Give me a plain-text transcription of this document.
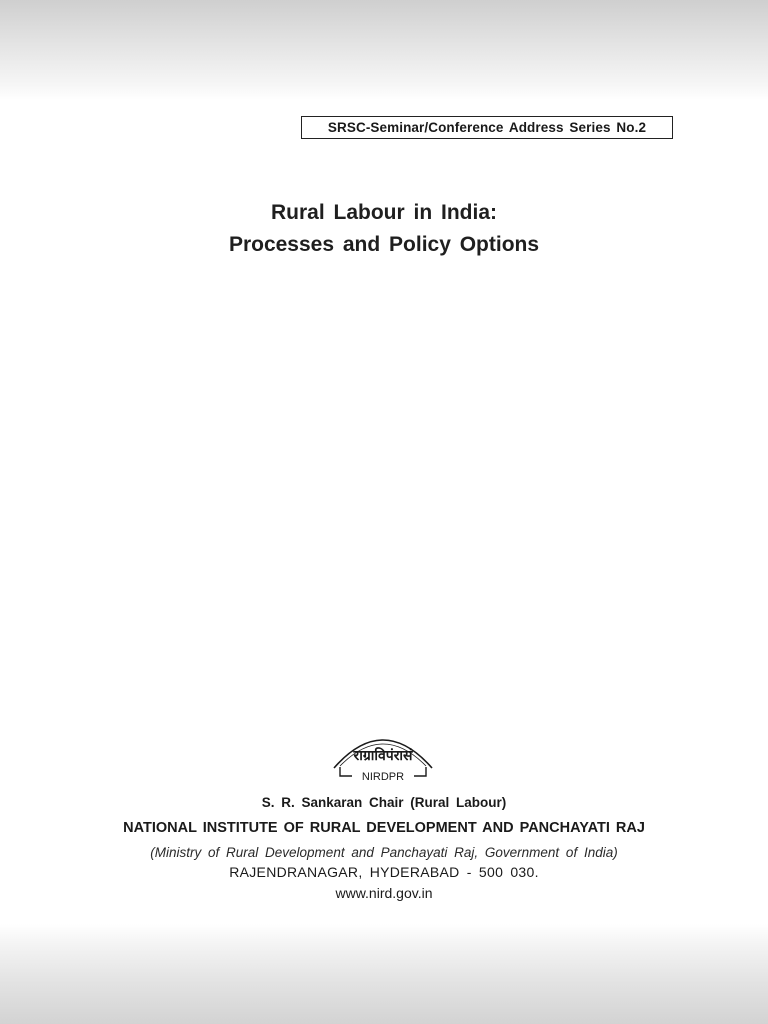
SRSC-Seminar/Conference Address Series No.2
Rural Labour in India:
Processes and Policy Options
राग्राविपंरासं
NIRDPR
S. R. Sankaran Chair (Rural Labour)
NATIONAL INSTITUTE OF RURAL DEVELOPMENT AND PANCHAYATI RAJ
(Ministry of Rural Development and Panchayati Raj, Government of India)
RAJENDRANAGAR, HYDERABAD - 500 030.
www.nird.gov.in
